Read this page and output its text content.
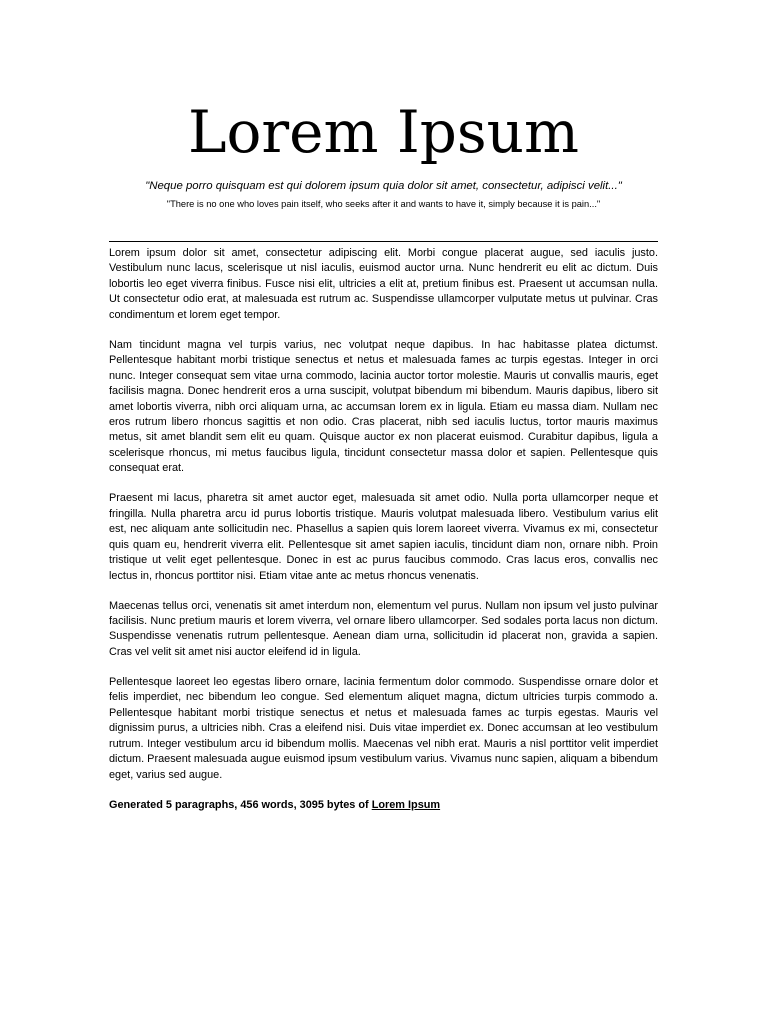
Lorem Ipsum

"Neque porro quisquam est qui dolorem ipsum quia dolor sit amet, consectetur, adipisci velit..."

"There is no one who loves pain itself, who seeks after it and wants to have it, simply because it is pain..."

Lorem ipsum dolor sit amet, consectetur adipiscing elit. Morbi congue placerat augue, sed iaculis justo. Vestibulum nunc lacus, scelerisque ut nisl iaculis, euismod auctor urna. Nunc hendrerit eu elit ac dictum. Duis lobortis leo eget viverra finibus. Fusce nisi elit, ultricies a elit at, pretium finibus est. Praesent ut accumsan nulla. Ut consectetur odio erat, at malesuada est rutrum ac. Suspendisse ullamcorper vulputate metus ut pulvinar. Cras condimentum et lorem eget tempor.

Nam tincidunt magna vel turpis varius, nec volutpat neque dapibus. In hac habitasse platea dictumst. Pellentesque habitant morbi tristique senectus et netus et malesuada fames ac turpis egestas. Integer in orci nunc. Integer consequat sem vitae urna commodo, lacinia auctor tortor molestie. Mauris ut convallis mauris, eget facilisis magna. Donec hendrerit eros a urna suscipit, volutpat bibendum mi bibendum. Mauris dapibus, libero sit amet lobortis viverra, nibh orci aliquam urna, ac accumsan lorem ex in ligula. Etiam eu massa diam. Nullam nec eros rutrum libero rhoncus sagittis et non odio. Cras placerat, nibh sed iaculis luctus, tortor mauris maximus metus, sit amet blandit sem elit eu quam. Quisque auctor ex non placerat euismod. Curabitur dapibus, ligula a scelerisque rhoncus, mi metus faucibus ligula, tincidunt consectetur massa dolor et sapien. Pellentesque quis consequat erat.

Praesent mi lacus, pharetra sit amet auctor eget, malesuada sit amet odio. Nulla porta ullamcorper neque et fringilla. Nulla pharetra arcu id purus lobortis tristique. Mauris volutpat malesuada libero. Vestibulum varius elit est, nec aliquam ante sollicitudin nec. Phasellus a sapien quis lorem laoreet viverra. Vivamus ex mi, consectetur quis quam eu, hendrerit viverra elit. Pellentesque sit amet sapien iaculis, tincidunt diam non, ornare nibh. Proin tristique ut velit eget pellentesque. Donec in est ac purus faucibus commodo. Cras lacus eros, convallis nec lectus in, rhoncus porttitor nisi. Etiam vitae ante ac metus rhoncus venenatis.

Maecenas tellus orci, venenatis sit amet interdum non, elementum vel purus. Nullam non ipsum vel justo pulvinar facilisis. Nunc pretium mauris et lorem viverra, vel ornare libero ullamcorper. Sed sodales porta lacus non dictum. Suspendisse venenatis rutrum pellentesque. Aenean diam urna, sollicitudin id placerat non, gravida a sapien. Cras vel velit sit amet nisi auctor eleifend id in ligula.

Pellentesque laoreet leo egestas libero ornare, lacinia fermentum dolor commodo. Suspendisse ornare dolor et felis imperdiet, nec bibendum leo congue. Sed elementum aliquet magna, dictum ultricies turpis commodo a. Pellentesque habitant morbi tristique senectus et netus et malesuada fames ac turpis egestas. Mauris vel dignissim purus, a ultricies nibh. Cras a eleifend nisi. Duis vitae imperdiet ex. Donec accumsan at leo vestibulum rutrum. Integer vestibulum arcu id bibendum mollis. Maecenas vel nibh erat. Mauris a nisl porttitor velit imperdiet dictum. Praesent malesuada augue euismod ipsum vestibulum varius. Vivamus nunc sapien, aliquam a bibendum eget, varius sed augue.

Generated 5 paragraphs, 456 words, 3095 bytes of Lorem Ipsum
